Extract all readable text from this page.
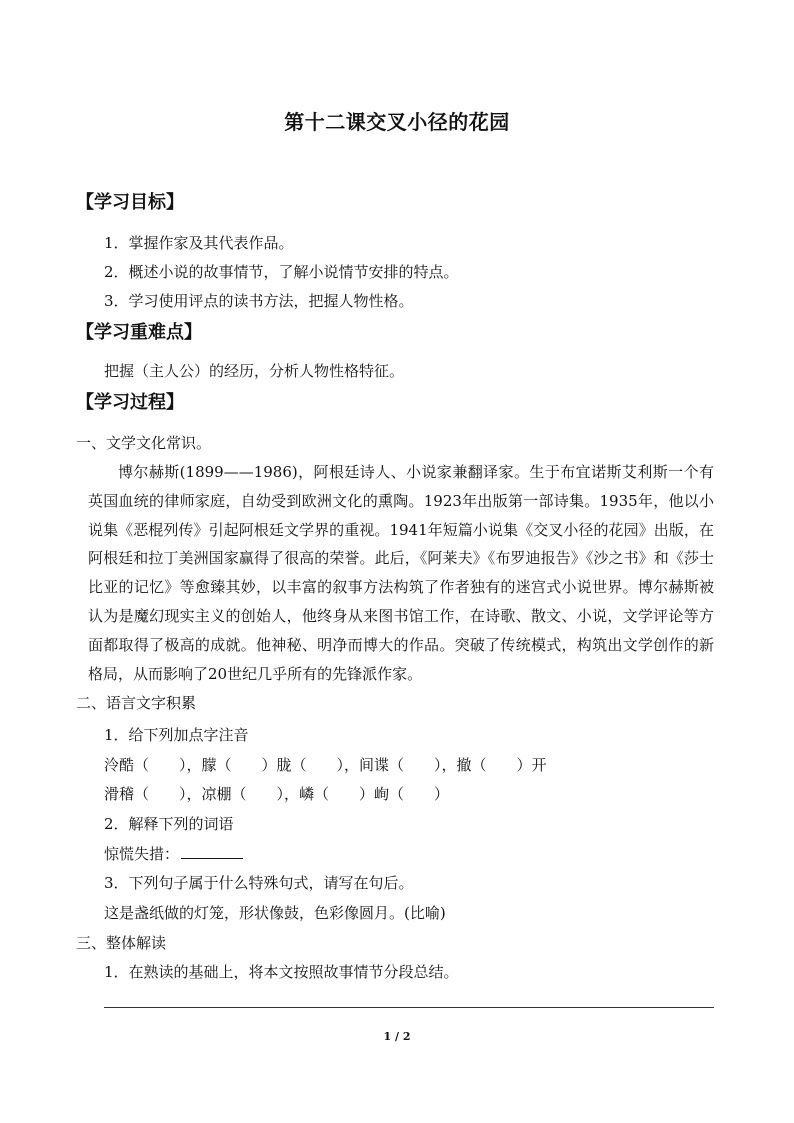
第十二课交叉小径的花园
【学习目标】
1．掌握作家及其代表作品。
2．概述小说的故事情节，了解小说情节安排的特点。
3．学习使用评点的读书方法，把握人物性格。
【学习重难点】
把握（主人公）的经历，分析人物性格特征。
【学习过程】
一、文学文化常识。
博尔赫斯(1899——1986)，阿根廷诗人、小说家兼翻译家。生于布宜诺斯艾利斯一个有英国血统的律师家庭，自幼受到欧洲文化的熏陶。1923年出版第一部诗集。1935年，他以小说集《恶棍列传》引起阿根廷文学界的重视。1941年短篇小说集《交叉小径的花园》出版，在阿根廷和拉丁美洲国家赢得了很高的荣誉。此后，《阿莱夫》《布罗迪报告》《沙之书》和《莎士比亚的记忆》等愈臻其妙，以丰富的叙事方法构筑了作者独有的迷宫式小说世界。博尔赫斯被认为是魔幻现实主义的创始人，他终身从来图书馆工作，在诗歌、散文、小说，文学评论等方面都取得了极高的成就。他神秘、明净而博大的作品。突破了传统模式，构筑出文学创作的新格局，从而影响了20世纪几乎所有的先锋派作家。
二、语言文字积累
1．给下列加点字注音
泠酷（　　），朦（　　）胧（　　），间谍（　　），撤（　　）开
滑稽（　　），凉棚（　　），嶙（　　）峋（　　）
2．解释下列的词语
惊慌失措：
3．下列句子属于什么特殊句式，请写在句后。
这是盏纸做的灯笼，形状像鼓，色彩像圆月。(比喻)
三、整体解读
1．在熟读的基础上，将本文按照故事情节分段总结。
1 / 2
